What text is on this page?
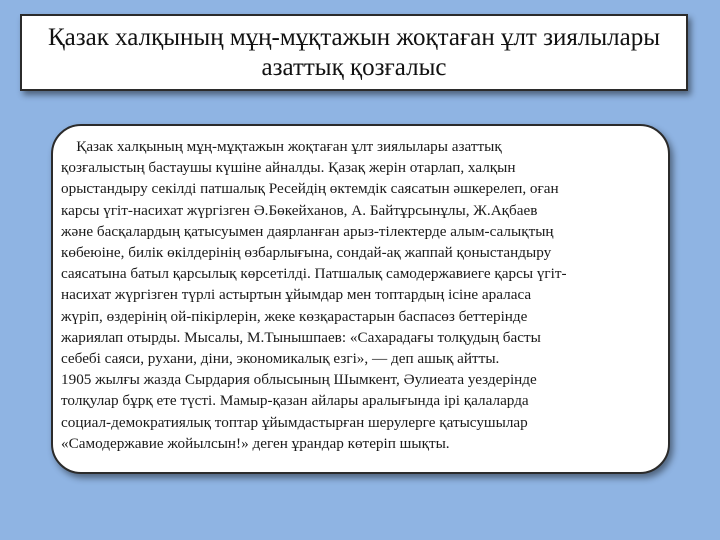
Қазак халқының мұң-мұқтажын жоқтаған ұлт зиялылары
азаттық қозғалыс
Қазак халқының мұң-мұқтажын жоқтаған ұлт зиялылары азаттық
қозғалыстың бастаушы күшіне айналды. Қазақ жерін отарлап, халқын
орыстандыру секілді патшалық Ресейдің өктемдік саясатын әшкерелеп, оған
карсы үгіт-насихат жүргізген Ә.Бөкейханов, А. Байтұрсынұлы, Ж.Ақбаев
және басқалардың қатысуымен даярланған арыз-тілектерде алым-салықтың
көбеюіне, билік өкілдерінің өзбарлығына, сондай-ақ жаппай қоныстандыру
саясатына батыл қарсылық көрсетілді. Патшалық самодержавиеге қарсы үгіт-
насихат жүргізген түрлі астыртын ұйымдар мен топтардың ісіне араласа
жүріп, өздерінің ой-пікірлерін, жеке көзқарастарын баспасөз беттерінде
жариялап отырды. Мысалы, М.Тынышпаев: «Сахарадағы толқудың басты
себебі саяси, рухани, діни, экономикалық езгі», — деп ашық айтты.
1905 жылғы жазда Сырдария облысының Шымкент, Әулиеата уездерінде
толқулар бұрқ ете түсті. Мамыр-қазан айлары аралығында ірі қалаларда
социал-демократиялық топтар ұйымдастырған шерулерге қатысушылар
«Самодержавие жойылсын!» деген ұрандар көтеріп шықты.
